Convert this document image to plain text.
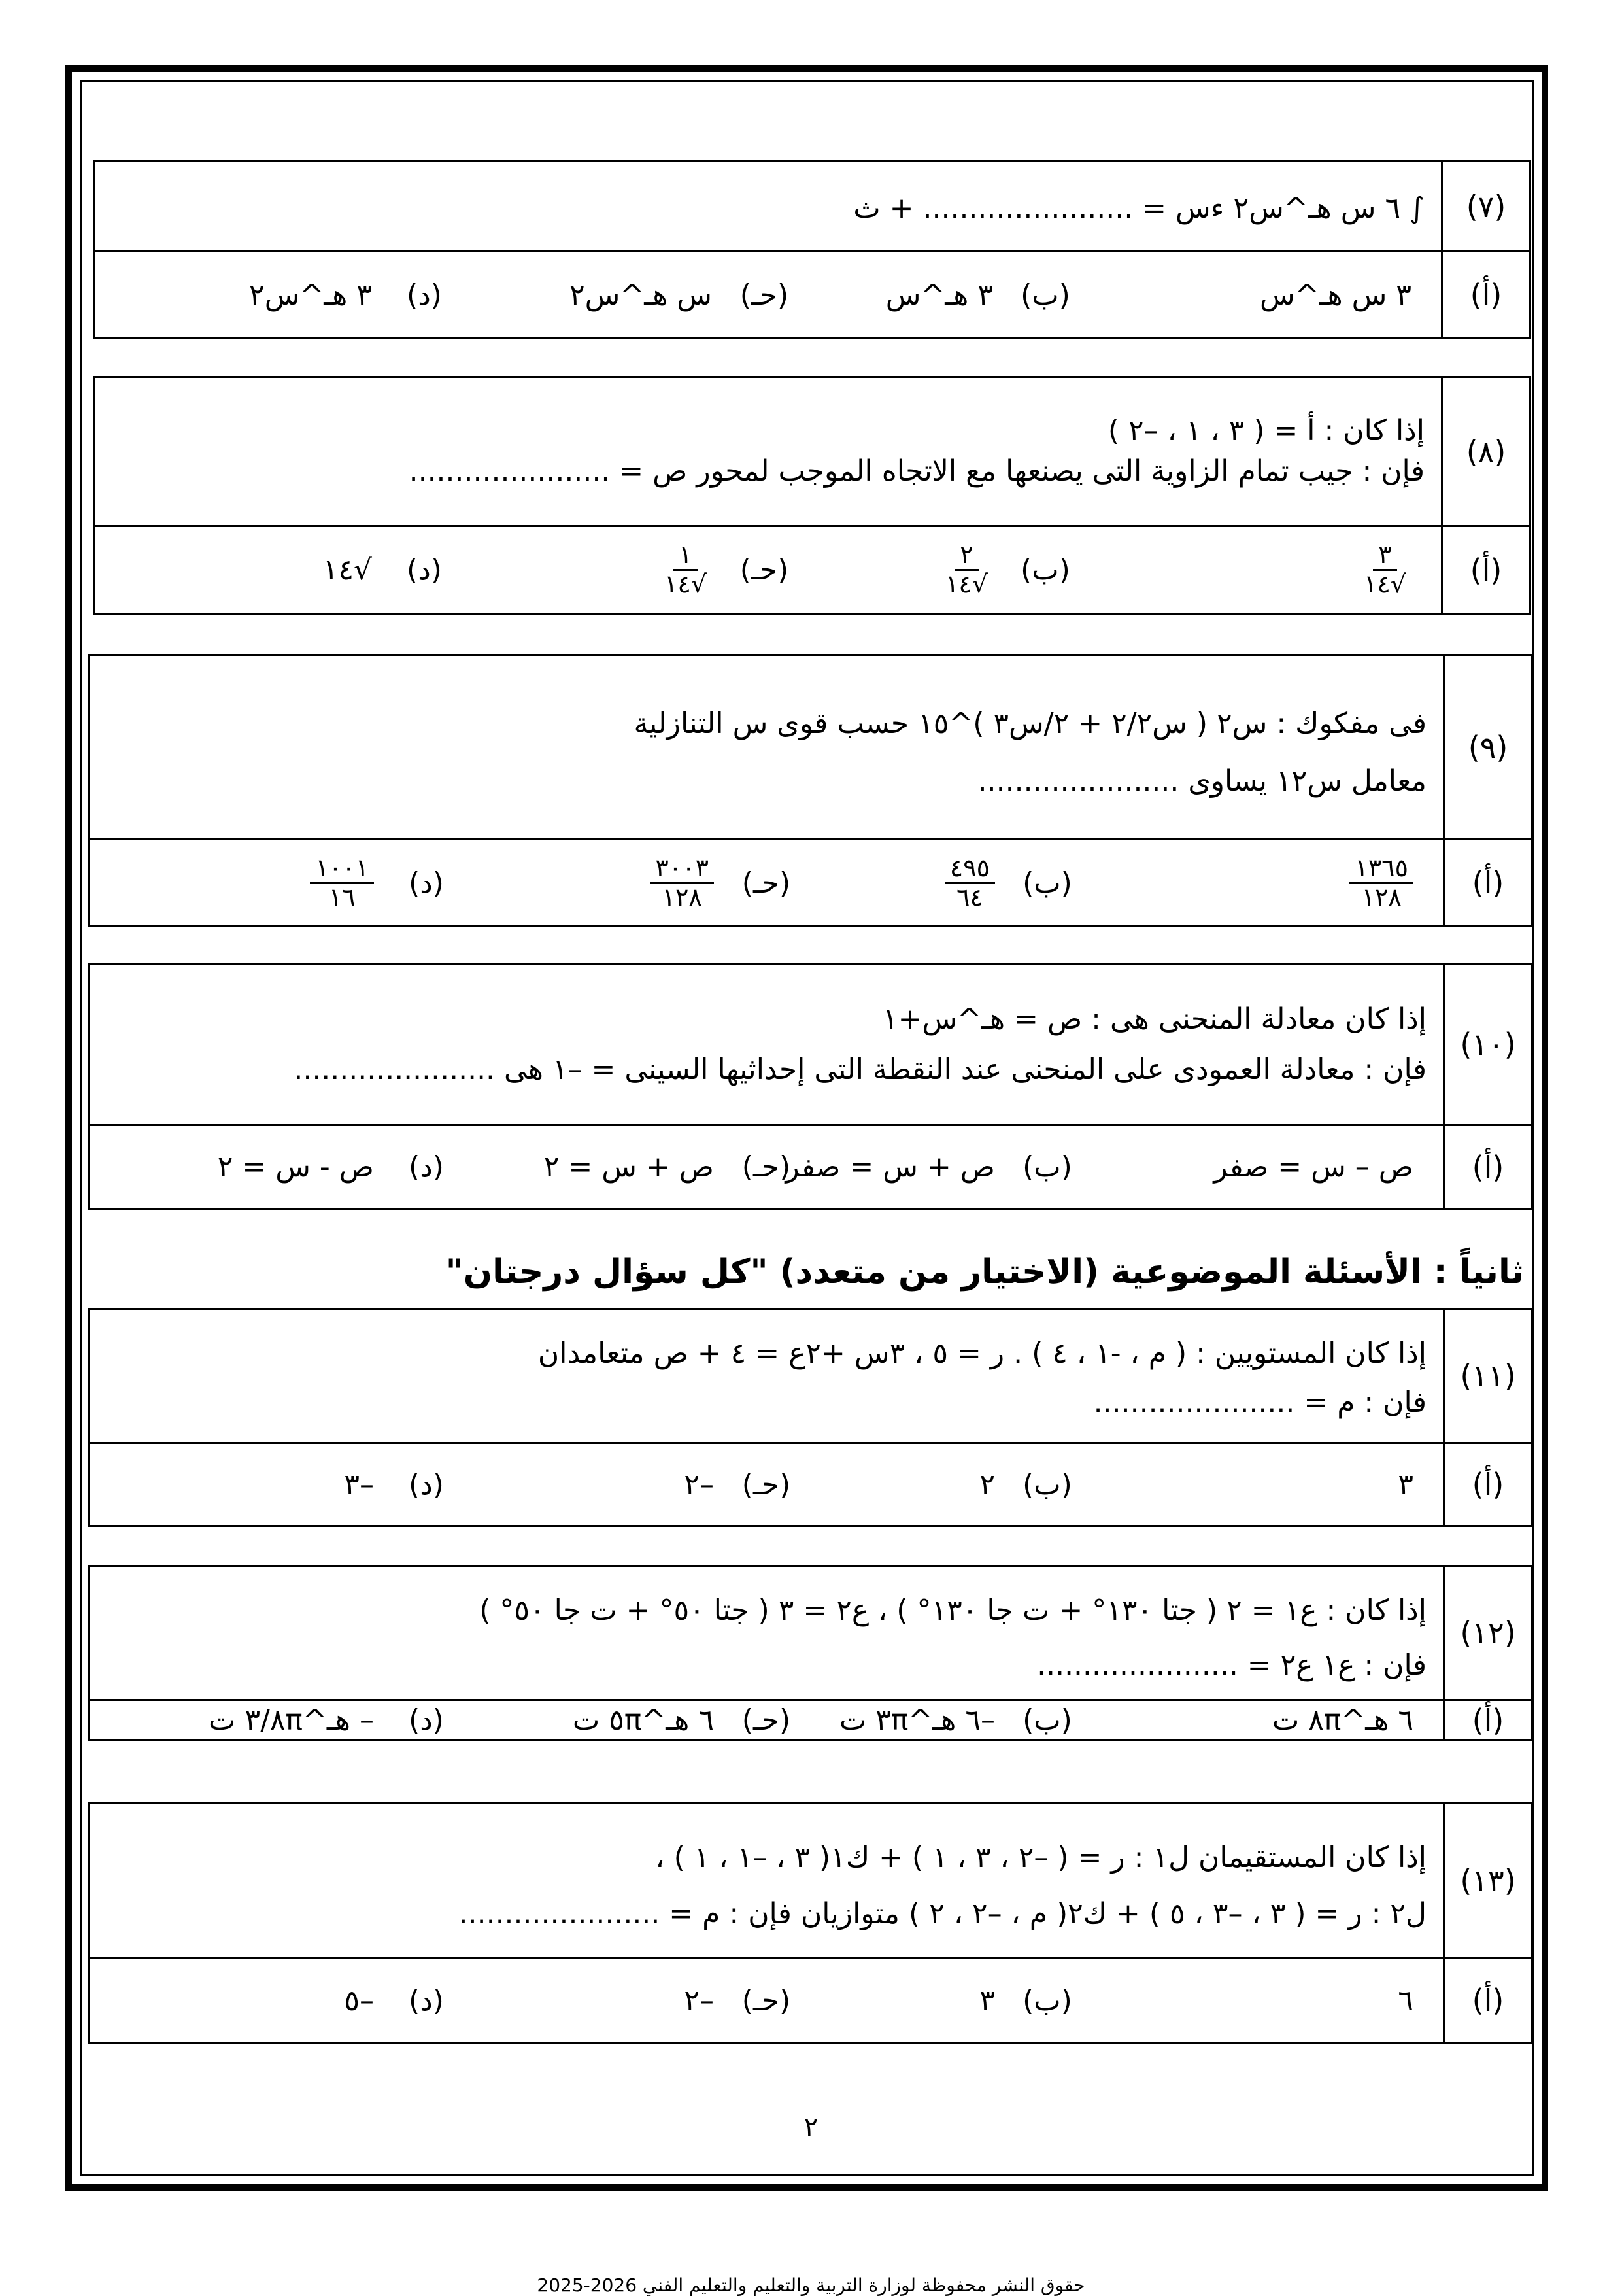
(٧)
∫ ٦ س هـ^س٢ ءس = ....................... + ث
(أ)
٣ س هـ^س
(ب)
٣ هـ^س
(حـ)
س هـ^س٢
(د)
٣ هـ^س٢
(٨)
إذا كان : أ = ( ٣ ، ١ ، –٢ )
فإن : جيب تمام الزاوية التى يصنعها مع الاتجاه الموجب لمحور ص = ......................
(أ)
$\frac{٣}{√١٤}$
(ب)
$\frac{٢}{√١٤}$
(حـ)
$\frac{١}{√١٤}$
(د)
√١٤
(٩)
فى مفكوك : س٢ ( س٢/٢ + ٢/س٣ )^١٥ حسب قوى س التنازلية
معامل س١٢ يساوى ......................
(أ)
$\frac{١٣٦٥}{١٢٨}$
(ب)
$\frac{٤٩٥}{٦٤}$
(حـ)
$\frac{٣٠٠٣}{١٢٨}$
(د)
$\frac{١٠٠١}{١٦}$
(١٠)
إذا كان معادلة المنحنى هى : ص = هـ^س+١
فإن : معادلة العمودى على المنحنى عند النقطة التى إحداثيها السينى = –١ هى ......................
(أ)
ص – س = صفر
(ب)
ص + س = صفر
(حـ)
ص + س = ٢
(د)
ص - س = ٢
ثانياً : الأسئلة الموضوعية (الاختيار من متعدد) "كل سؤال درجتان"
(١١)
إذا كان المستويين : ( م ، -١ ، ٤ ) . ر = ٥ ، ٣س +٢ع = ٤ + ص متعامدان
فإن : م = ......................
(أ)
٣
(ب)
٢
(حـ)
–٢
(د)
–٣
(١٢)
إذا كان : ع١ = ٢ ( جتا ١٣٠° + ت جا ١٣٠° ) ، ع٢ = ٣ ( جتا ٥٠° + ت جا ٥٠° )
فإن : ع١ ع٢ = ......................
(أ)
٦ هـ^٨π ت
(ب)
–٦ هـ^٣π ت
(حـ)
٦ هـ^٥π ت
(د)
– هـ^٨π/٣ ت
(١٣)
إذا كان المستقيمان ل١ : ر = ( –٢ ، ٣ ، ١ ) + ك١( ٣ ، –١ ، ١ ) ،
ل٢ : ر = ( ٣ ، –٣ ، ٥ ) + ك٢( م ، –٢ ، ٢ ) متوازيان فإن : م = ......................
(أ)
٦
(ب)
٣
(حـ)
–٢
(د)
–٥
٢
حقوق النشر محفوظة لوزارة التربية والتعليم والتعليم الفني 2026-2025
